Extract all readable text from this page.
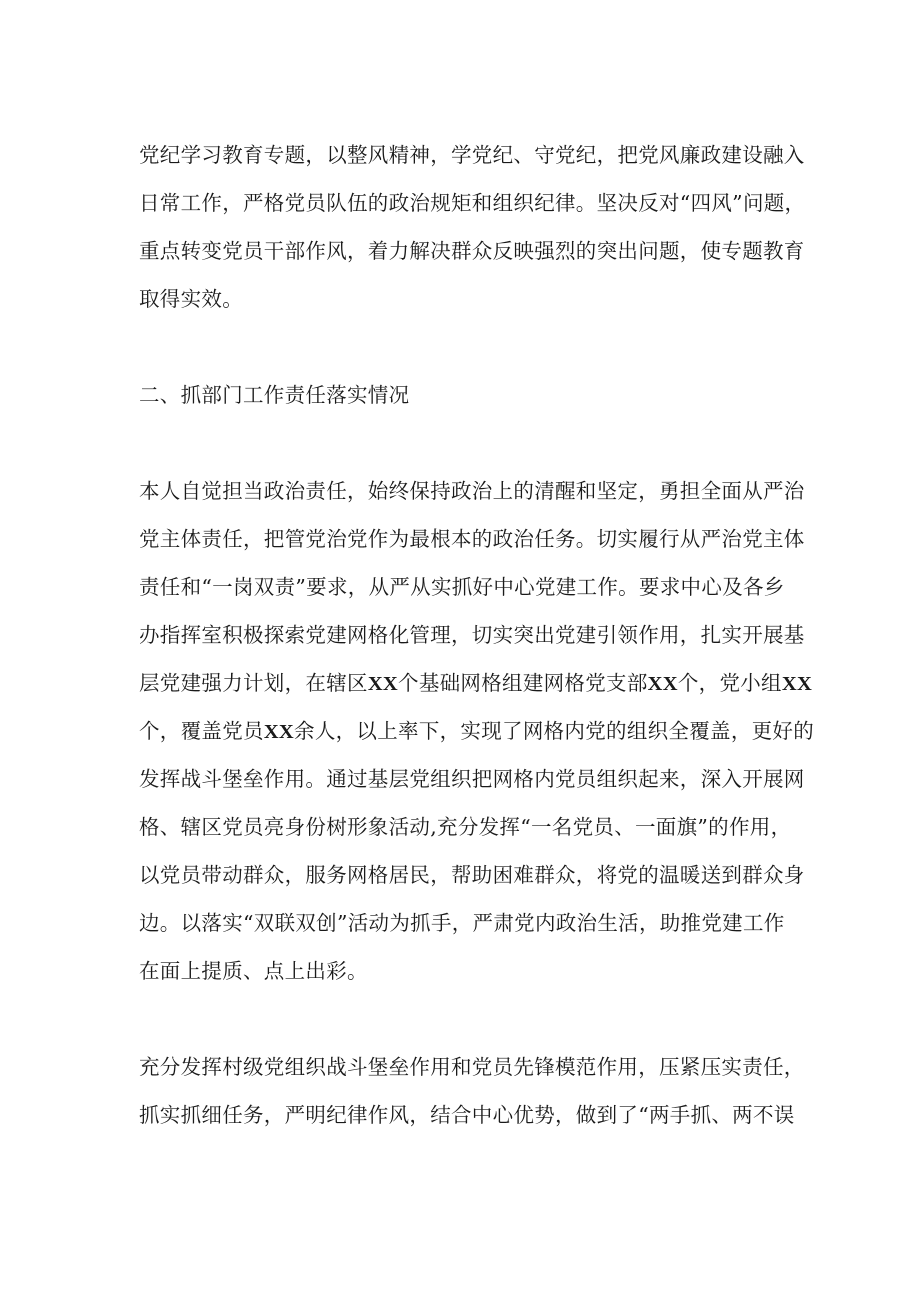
党纪学习教育专题，以整风精神，学党纪、守党纪，把党风廉政建设融入
日常工作，严格党员队伍的政治规矩和组织纪律。坚决反对“四风”问题，
重点转变党员干部作风，着力解决群众反映强烈的突出问题，使专题教育
取得实效。
二、抓部门工作责任落实情况
本人自觉担当政治责任，始终保持政治上的清醒和坚定，勇担全面从严治
党主体责任，把管党治党作为最根本的政治任务。切实履行从严治党主体
责任和“一岗双责”要求，从严从实抓好中心党建工作。要求中心及各乡
办指挥室积极探索党建网格化管理，切实突出党建引领作用，扎实开展基
层党建强力计划，在辖区XX个基础网格组建网格党支部XX个，党小组XX
个，覆盖党员XX余人，以上率下，实现了网格内党的组织全覆盖，更好的
发挥战斗堡垒作用。通过基层党组织把网格内党员组织起来，深入开展网
格、辖区党员亮身份树形象活动,充分发挥“一名党员、一面旗”的作用，
以党员带动群众，服务网格居民，帮助困难群众，将党的温暖送到群众身
边。以落实“双联双创”活动为抓手，严肃党内政治生活，助推党建工作
在面上提质、点上出彩。
充分发挥村级党组织战斗堡垒作用和党员先锋模范作用，压紧压实责任，
抓实抓细任务，严明纪律作风，结合中心优势，做到了“两手抓、两不误
